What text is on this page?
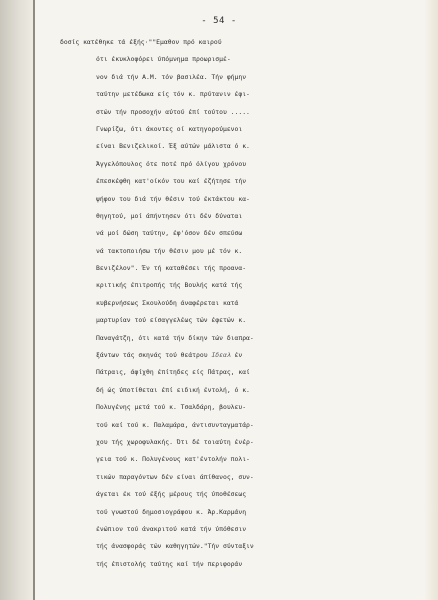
- 54 -
δοσίς κατέθηκε τά έξής·""Εμαθον πρό καιρού
ότι έκυκλοφόρει ύπόμνημα προωρισμέ-
νον διά τήν Α.Μ. τόν βασιλέα. Τήν φήμην
ταύτην μετέδωκα είς τόν κ. πρύτανιν έφι-
στών τήν προσοχήν αύτού έπί τούτου .....
Γνωρίζω, ότι άκοντες οί κατηγορούμενοι
είναι Βενιζελικοί. Έξ αύτών μάλιστα ό κ.
Άγγελόπουλος ότε ποτέ πρό όλίγου χρόνου
έπεσκέφθη κατ'οίκόν του καί έζήτησε τήν
ψήφον του διά τήν θέσιν τού έκτάκτου κα-
θηγητού, μοί άπήντησεν ότι δέν δύναται
νά μοί δώση ταύτην, έφ'όσον δέν σπεύσω
νά τακτοποιήσω τήν θέσιν μου μέ τόν κ.
Βενιζέλον". Έν τή καταθέσει τής προανα-
κριτικής έπιτροπής τής Βουλής κατά τής
κυβερνήσεως Σκουλούδη άναφέρεται κατά
μαρτυρίαν τού είσαγγελέως τών έφετών κ.
Παναγάτζη, ότι κατά τήν δίκην τών διαπρα-
ξάντων τάς σκηνάς τού θεάτρου Ιδεαλ έν
Πάτραις, άφίχθη έπίτηδες είς Πάτρας, καί
δή ώς ύποτίθεται έπί ειδική έντολή, ό κ.
Πολυγένης μετά τού κ. Τσαλδάρη, βουλευ-
τού καί τού κ. Παλαμάρα, άντισυνταγματάρ-
χου τής χωροφυλακής. Ότι δέ τοιαύτη ένέρ-
γεια τού κ. Πολυγένους κατ'έντολήν πολι-
τικών παραγόντων δέν είναι άπίθανος, συν-
άγεται έκ τού έξής μέρους τής ύποθέσεως
τού γνωστού δημοσιογράφου κ. Άρ.Καρμάνη
ένώπιον τού άνακριτού κατά τήν ύπόθεσιν
τής άνασφοράς τών καθηγητών."Τήν σύνταξιν
τής έπιστολής ταύτης καί τήν περιφοράν
